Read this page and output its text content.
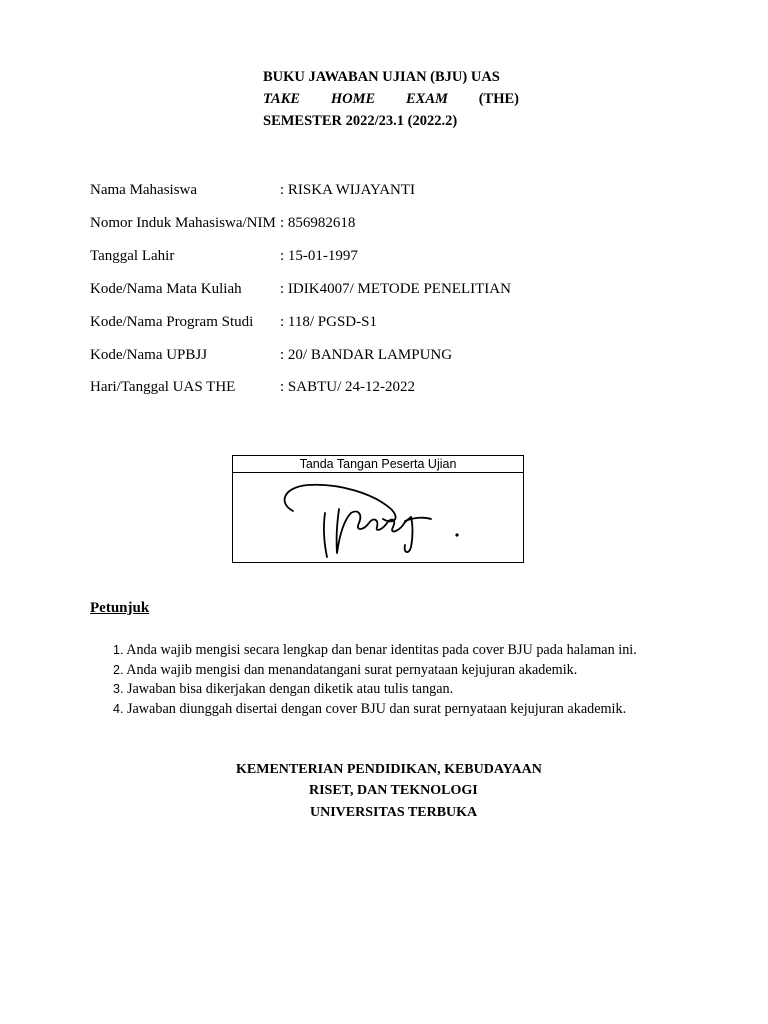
BUKU JAWABAN UJIAN (BJU) UAS
TAKE HOME EXAM (THE)
SEMESTER 2022/23.1 (2022.2)
Nama Mahasiswa	: RISKA WIJAYANTI
Nomor Induk Mahasiswa/NIM : 856982618
Tanggal Lahir	: 15-01-1997
Kode/Nama Mata Kuliah	: IDIK4007/ METODE PENELITIAN
Kode/Nama Program Studi : 118/ PGSD-S1
Kode/Nama UPBJJ	: 20/ BANDAR LAMPUNG
Hari/Tanggal UAS THE	: SABTU/ 24-12-2022
Tanda Tangan Peserta Ujian
Petunjuk
1. Anda wajib mengisi secara lengkap dan benar identitas pada cover BJU pada halaman ini.
2. Anda wajib mengisi dan menandatangani surat pernyataan kejujuran akademik.
3. Jawaban bisa dikerjakan dengan diketik atau tulis tangan.
4. Jawaban diunggah disertai dengan cover BJU dan surat pernyataan kejujuran akademik.
KEMENTERIAN PENDIDIKAN, KEBUDAYAAN
RISET, DAN TEKNOLOGI
UNIVERSITAS TERBUKA
